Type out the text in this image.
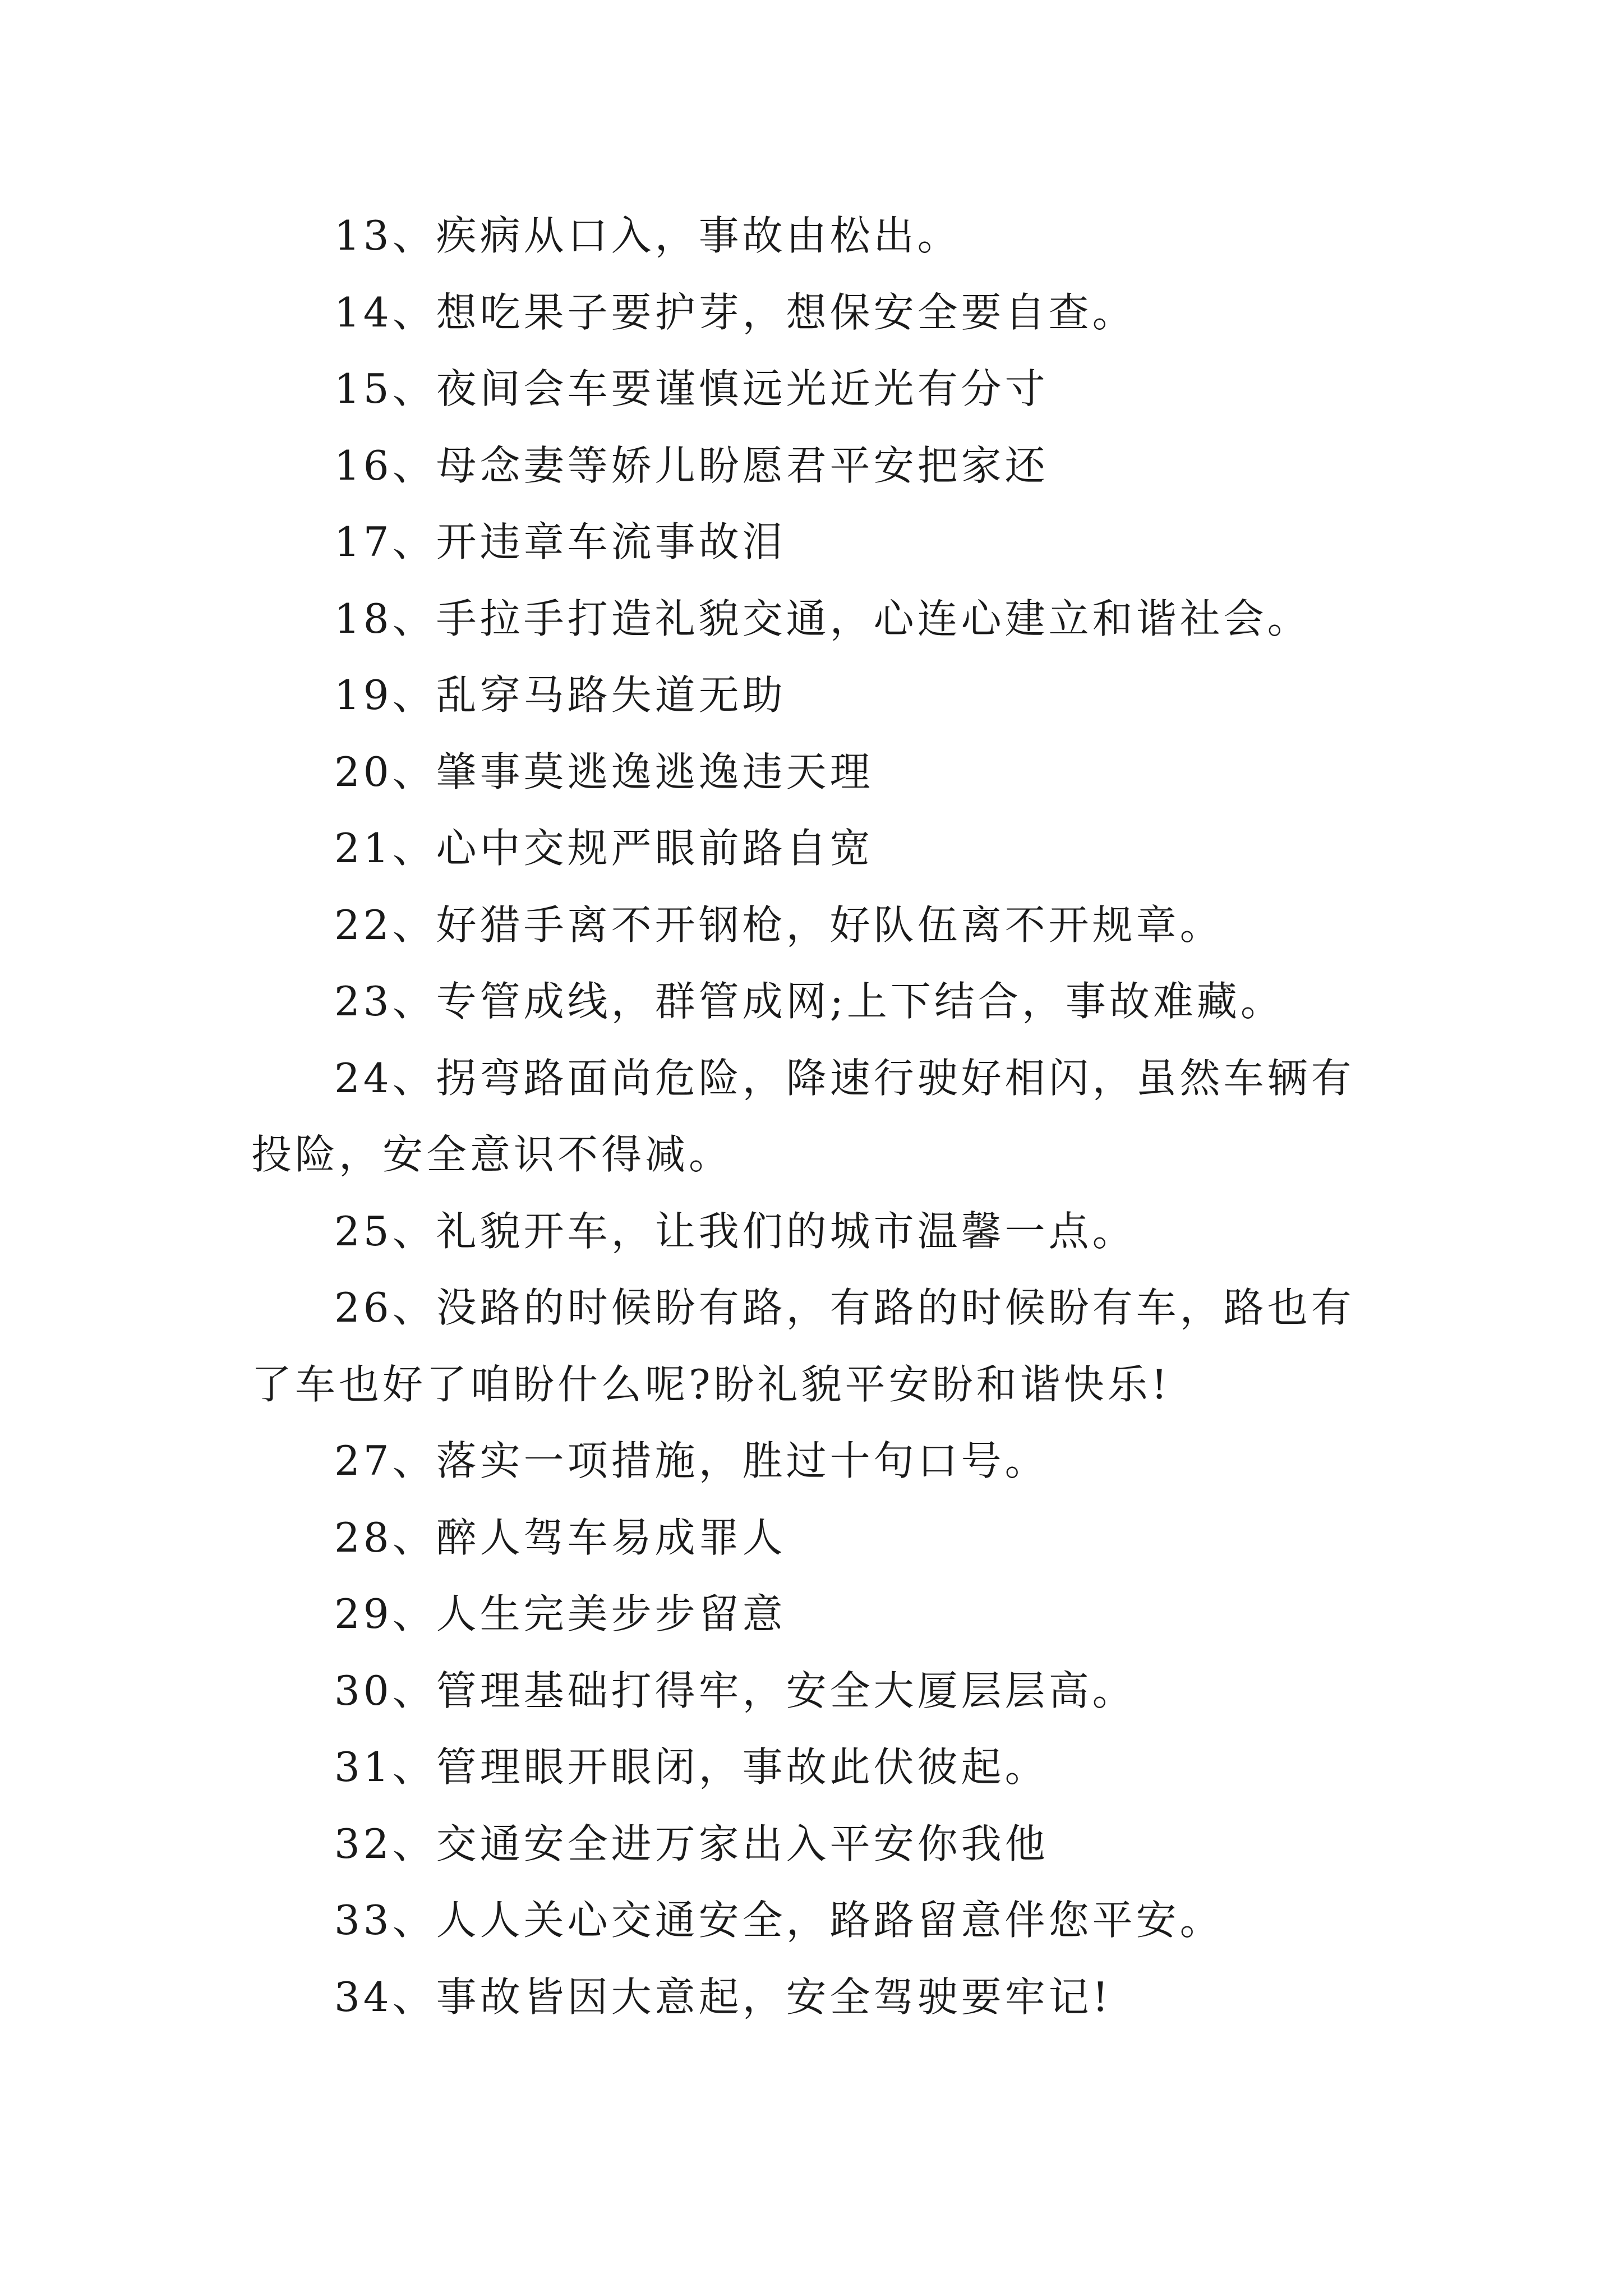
13、疾病从口入，事故由松出。

14、想吃果子要护芽，想保安全要自查。

15、夜间会车要谨慎远光近光有分寸

16、母念妻等娇儿盼愿君平安把家还

17、开违章车流事故泪

18、手拉手打造礼貌交通，心连心建立和谐社会。

19、乱穿马路失道无助

20、肇事莫逃逸逃逸违天理

21、心中交规严眼前路自宽

22、好猎手离不开钢枪，好队伍离不开规章。

23、专管成线，群管成网;上下结合，事故难藏。

24、拐弯路面尚危险，降速行驶好相闪，虽然车辆有投险，安全意识不得减。

25、礼貌开车，让我们的城市温馨一点。

26、没路的时候盼有路，有路的时候盼有车，路也有了车也好了咱盼什么呢?盼礼貌平安盼和谐快乐!

27、落实一项措施，胜过十句口号。

28、醉人驾车易成罪人

29、人生完美步步留意

30、管理基础打得牢，安全大厦层层高。

31、管理眼开眼闭，事故此伏彼起。

32、交通安全进万家出入平安你我他

33、人人关心交通安全，路路留意伴您平安。

34、事故皆因大意起，安全驾驶要牢记!
